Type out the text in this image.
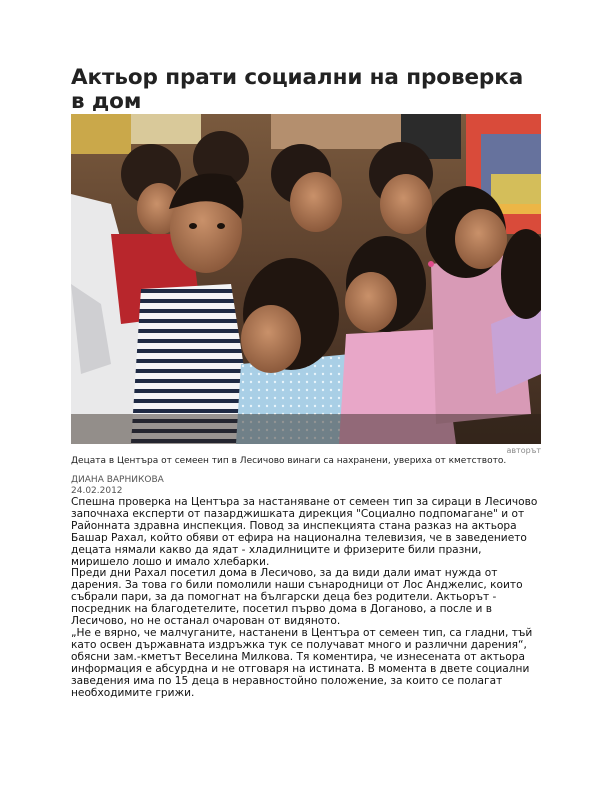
Актьор прати социални на проверка в дом
авторът
Децата в Центъра от семеен тип в Лесичово винаги са нахранени, увериха от кметството.
ДИАНА ВАРНИКОВА
24.02.2012

Спешна проверка на Центъра за настаняване от семеен тип за сираци в Лесичово започнаха експерти от пазарджишката дирекция "Социално подпомагане" и от Районната здравна инспекция. Повод за инспекцията стана разказ на актьора Башар Рахал, който обяви от ефира на национална телевизия, че в заведението децата нямали какво да ядат - хладилниците и фризерите били празни, миришело лошо и имало хлебарки.

Преди дни Рахал посетил дома в Лесичово, за да види дали имат нужда от дарения. За това го били помолили наши сънародници от Лос Анджелис, които събрали пари, за да помогнат на български деца без родители. Актьорът - посредник на благодетелите, посетил първо дома в Доганово, а после и в Лесичово, но не останал очарован от видяното.

„Не е вярно, че малчуганите, настанени в Центъра от семеен тип, са гладни, тъй като освен държавната издръжка тук се получават много и различни дарения“, обясни зам.-кметът Веселина Милкова. Тя коментира, че изнесената от актьора информация е абсурдна и не отговаря на истината. В момента в двете социални заведения има по 15 деца в неравностойно положение, за които се полагат необходимите грижи.
